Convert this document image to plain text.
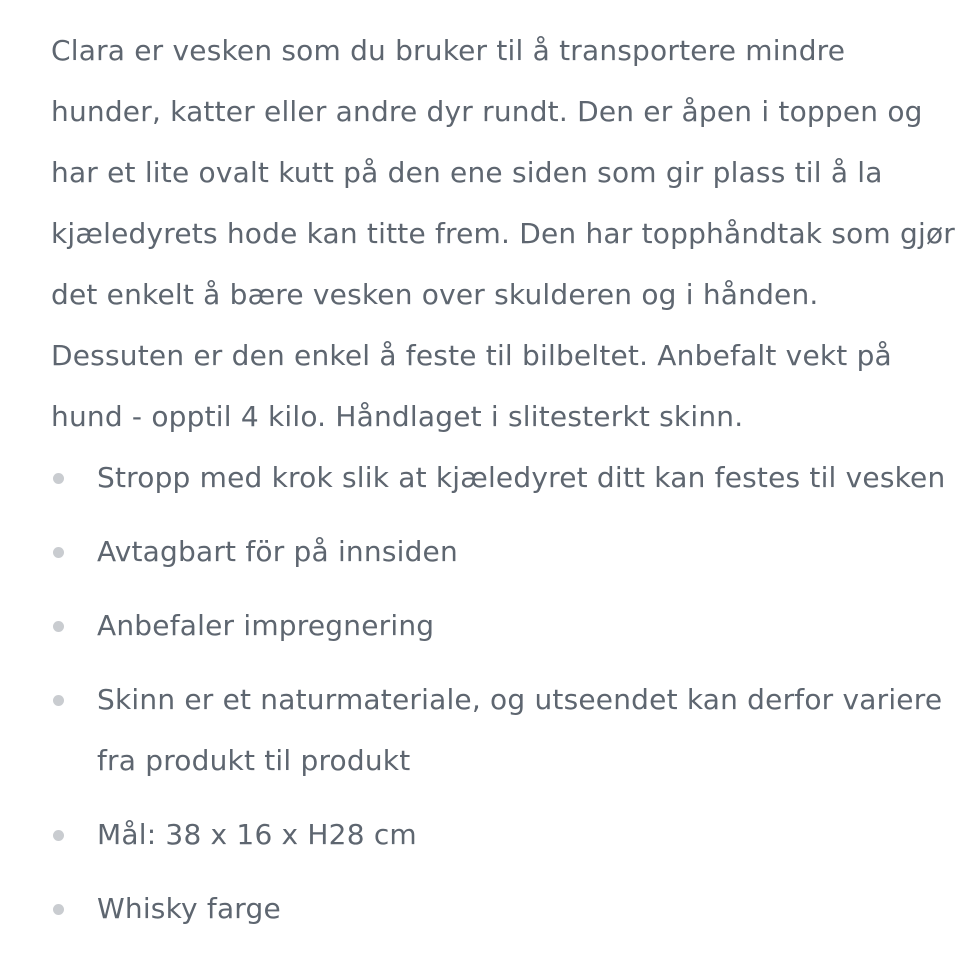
Clara er vesken som du bruker til å transportere mindre
hunder, katter eller andre dyr rundt. Den er åpen i toppen og
har et lite ovalt kutt på den ene siden som gir plass til å la
kjæledyrets hode kan titte frem. Den har topphåndtak som gjør
det enkelt å bære vesken over skulderen og i hånden.
Dessuten er den enkel å feste til bilbeltet. Anbefalt vekt på
hund - opptil 4 kilo. Håndlaget i slitesterkt skinn.

Stropp med krok slik at kjæledyret ditt kan festes til vesken
Avtagbart för på innsiden
Anbefaler impregnering
Skinn er et naturmateriale, og utseendet kan derfor variere
fra produkt til produkt
Mål: 38 x 16 x H28 cm
Whisky farge
